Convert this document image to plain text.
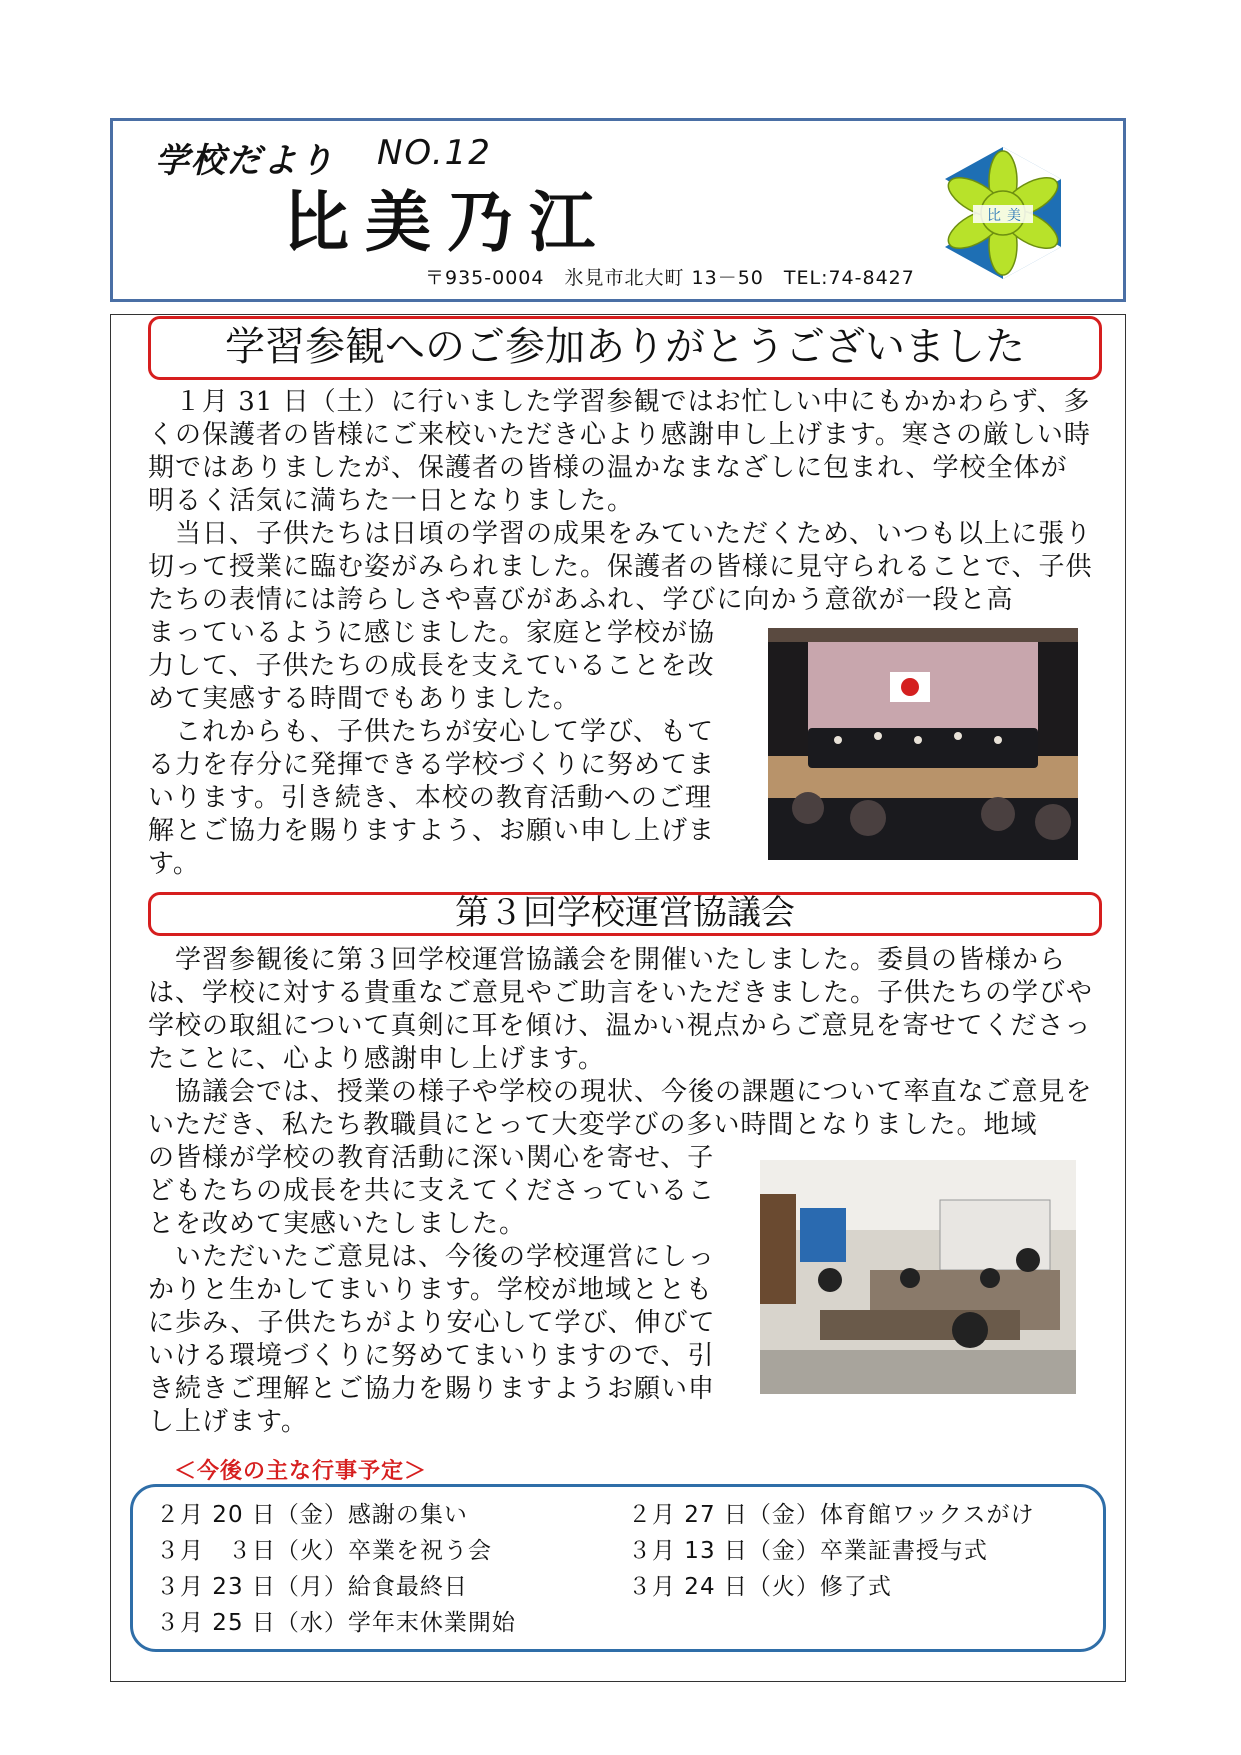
学校だより NO.12
比美乃江
〒935-0004　氷見市北大町 13－50　TEL:74-8427
比 美
学習参観へのご参加ありがとうございました

　１月 31 日（土）に行いました学習参観ではお忙しい中にもかかわらず、多くの保護者の皆様にご来校いただき心より感謝申し上げます。寒さの厳しい時期ではありましたが、保護者の皆様の温かなまなざしに包まれ、学校全体が明るく活気に満ちた一日となりました。

　当日、子供たちは日頃の学習の成果をみていただくため、いつも以上に張り切って授業に臨む姿がみられました。保護者の皆様に見守られることで、子供たちの表情には誇らしさや喜びがあふれ、学びに向かう意欲が一段と高

まっているように感じました。家庭と学校が協力して、子供たちの成長を支えていることを改めて実感する時間でもありました。

　これからも、子供たちが安心して学び、もてる力を存分に発揮できる学校づくりに努めてまいります。引き続き、本校の教育活動へのご理解とご協力を賜りますよう、お願い申し上げます。

第３回学校運営協議会

　学習参観後に第３回学校運営協議会を開催いたしました。委員の皆様からは、学校に対する貴重なご意見やご助言をいただきました。子供たちの学びや学校の取組について真剣に耳を傾け、温かい視点からご意見を寄せてくださったことに、心より感謝申し上げます。

　協議会では、授業の様子や学校の現状、今後の課題について率直なご意見をいただき、私たち教職員にとって大変学びの多い時間となりました。地域

の皆様が学校の教育活動に深い関心を寄せ、子どもたちの成長を共に支えてくださっていることを改めて実感いたしました。

　いただいたご意見は、今後の学校運営にしっかりと生かしてまいります。学校が地域とともに歩み、子供たちがより安心して学び、伸びていける環境づくりに努めてまいりますので、引き続きご理解とご協力を賜りますようお願い申し上げます。

＜今後の主な行事予定＞
２月 20 日（金）感謝の集い	２月 27 日（金）体育館ワックスがけ
３月　３日（火）卒業を祝う会	３月 13 日（金）卒業証書授与式
３月 23 日（月）給食最終日	３月 24 日（火）修了式
３月 25 日（水）学年末休業開始
